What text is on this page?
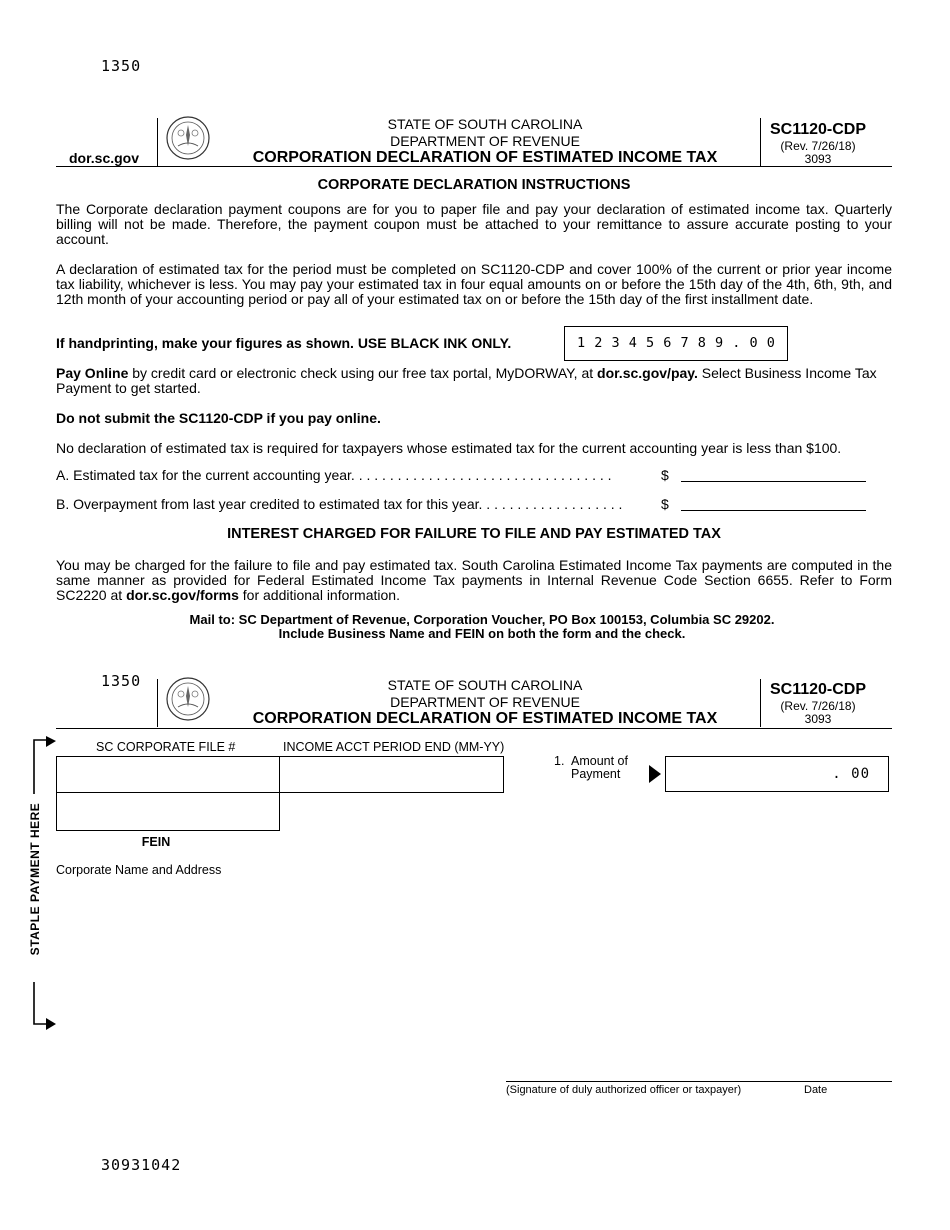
1350
dor.sc.gov
STATE OF SOUTH CAROLINA
DEPARTMENT OF REVENUE
CORPORATION DECLARATION OF ESTIMATED INCOME TAX
SC1120-CDP
(Rev. 7/26/18)
3093
CORPORATE DECLARATION INSTRUCTIONS
The Corporate declaration payment coupons are for you to paper file and pay your declaration of estimated income tax. Quarterly billing will not be made. Therefore, the payment coupon must be attached to your remittance to assure accurate posting to your account.
A declaration of estimated tax for the period must be completed on SC1120-CDP and cover 100% of the current or prior year income tax liability, whichever is less. You may pay your estimated tax in four equal amounts on or before the 15th day of the 4th, 6th, 9th, and 12th month of your accounting period or pay all of your estimated tax on or before the 15th day of the first installment date.
If handprinting, make your figures as shown. USE BLACK INK ONLY.	1 2 3 4 5 6 7 8 9 . 0 0
Pay Online by credit card or electronic check using our free tax portal, MyDORWAY, at dor.sc.gov/pay. Select Business Income Tax Payment to get started.
Do not submit the SC1120-CDP if you pay online.
No declaration of estimated tax is required for taxpayers whose estimated tax for the current accounting year is less than $100.
A. Estimated tax for the current accounting year. . . . . . . . . . . . . . . . . . . . . . . . . . . . . . . . . .	$
B. Overpayment from last year credited to estimated tax for this year. . . . . . . . . . . . . . . . . . .	$
INTEREST CHARGED FOR FAILURE TO FILE AND PAY ESTIMATED TAX
You may be charged for the failure to file and pay estimated tax. South Carolina Estimated Income Tax payments are computed in the same manner as provided for Federal Estimated Income Tax payments in Internal Revenue Code Section 6655. Refer to Form SC2220 at dor.sc.gov/forms for additional information.
Mail to: SC Department of Revenue, Corporation Voucher, PO Box 100153, Columbia SC 29202.
Include Business Name and FEIN on both the form and the check.
1350	STATE OF SOUTH CAROLINA
DEPARTMENT OF REVENUE
CORPORATION DECLARATION OF ESTIMATED INCOME TAX
SC1120-CDP
(Rev. 7/26/18)
3093
SC CORPORATE FILE #	INCOME ACCT PERIOD END (MM-YY)
FEIN
Corporate Name and Address
1. Amount of
Payment	. 00
STAPLE PAYMENT HERE
(Signature of duly authorized officer or taxpayer)	Date
30931042
